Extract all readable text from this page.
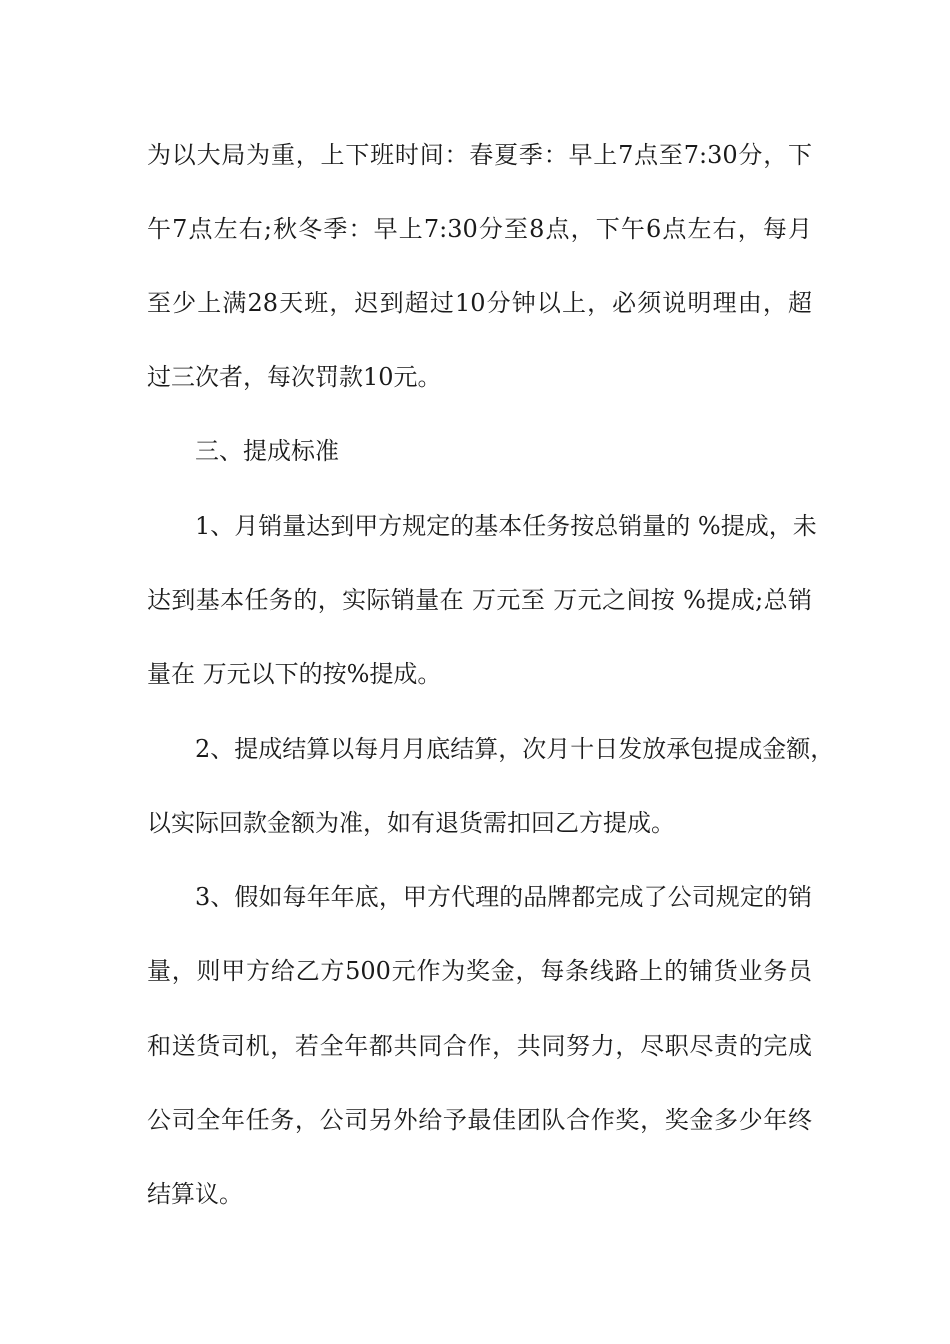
为以大局为重，上下班时间：春夏季：早上7点至7:30分，下

午7点左右;秋冬季：早上7:30分至8点，下午6点左右，每月

至少上满28天班，迟到超过10分钟以上，必须说明理由，超

过三次者，每次罚款10元。

三、提成标准

1、月销量达到甲方规定的基本任务按总销量的 %提成，未

达到基本任务的，实际销量在 万元至 万元之间按 %提成;总销

量在 万元以下的按%提成。

2、提成结算以每月月底结算，次月十日发放承包提成金额，

以实际回款金额为准，如有退货需扣回乙方提成。

3、假如每年年底，甲方代理的品牌都完成了公司规定的销

量，则甲方给乙方500元作为奖金，每条线路上的铺货业务员

和送货司机，若全年都共同合作，共同努力，尽职尽责的完成

公司全年任务，公司另外给予最佳团队合作奖，奖金多少年终

结算议。
